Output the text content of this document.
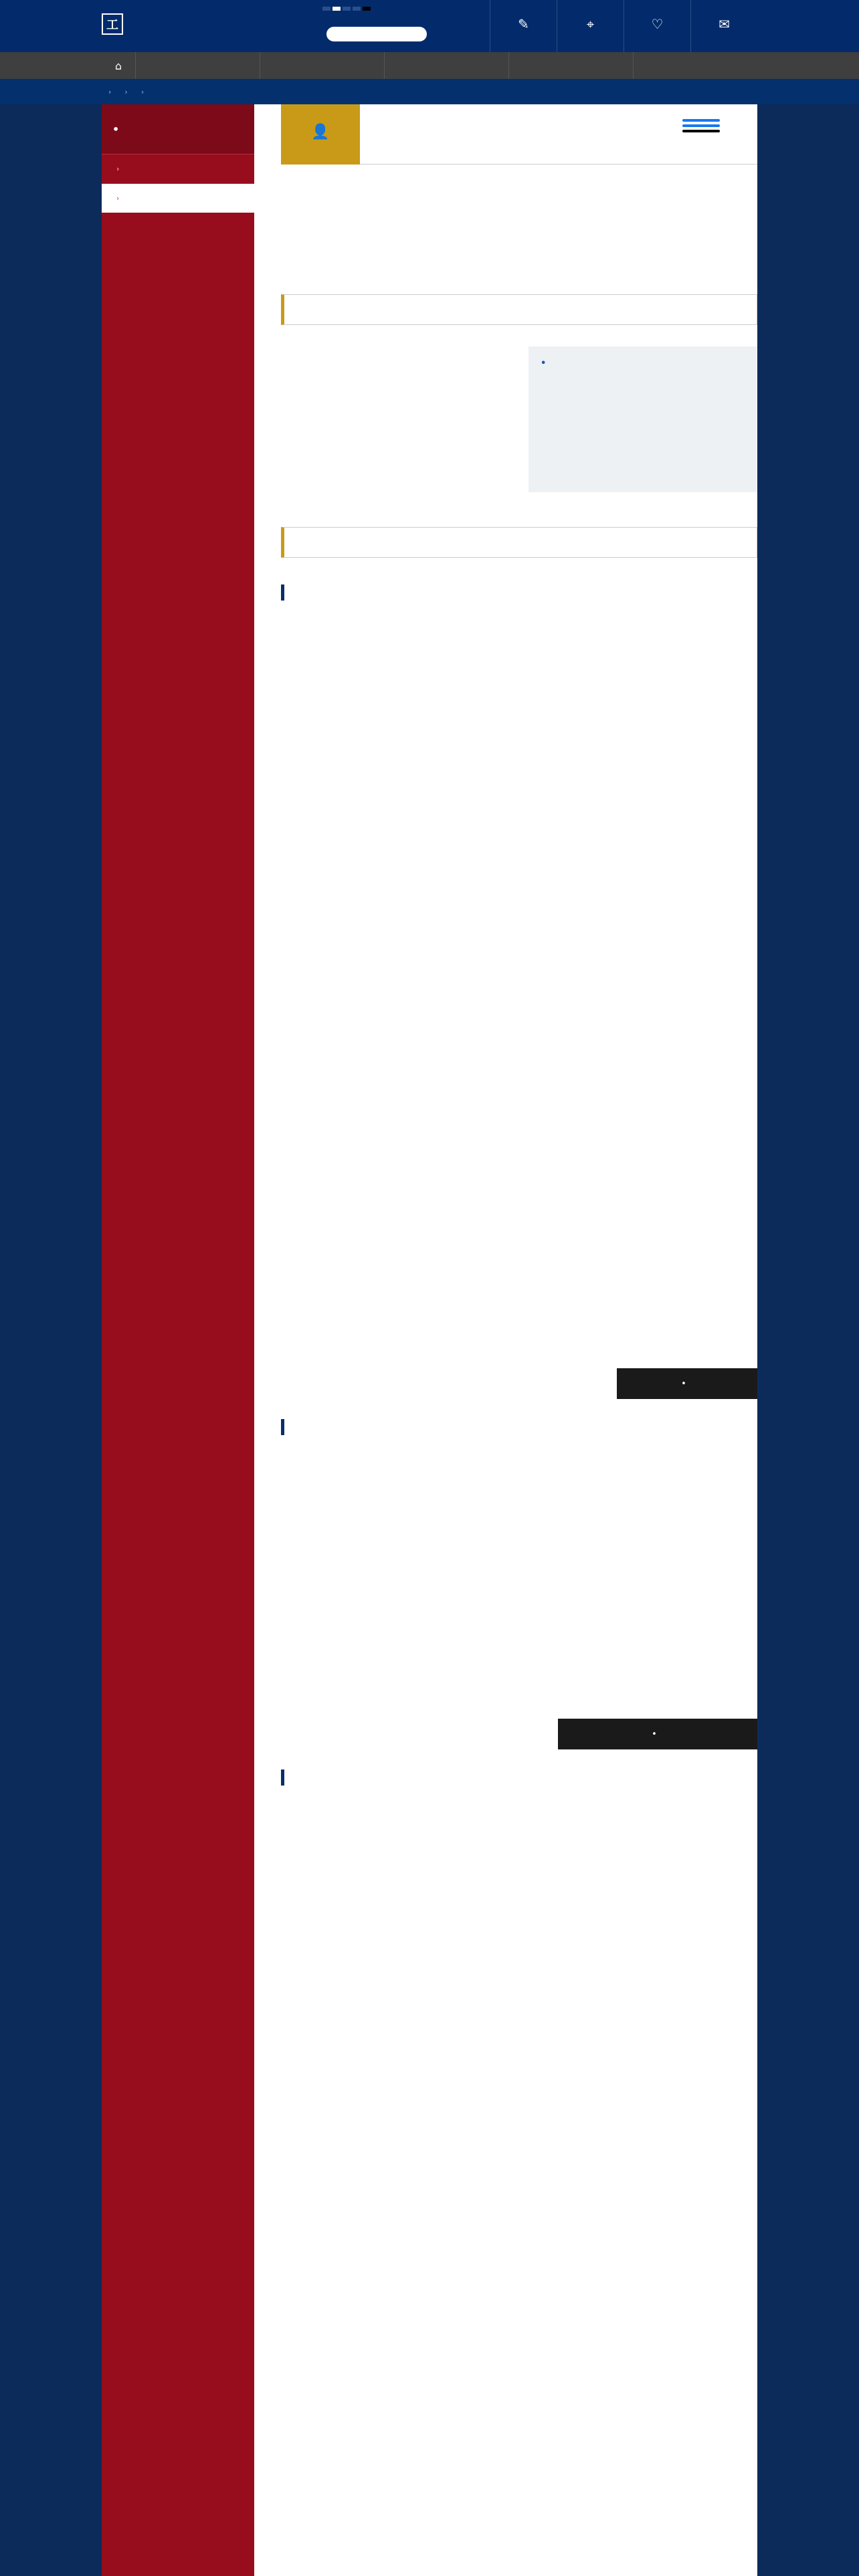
工	✎	⌖	♡	✉
⌂
› › ›
•
›
›
👤

•
•
•
